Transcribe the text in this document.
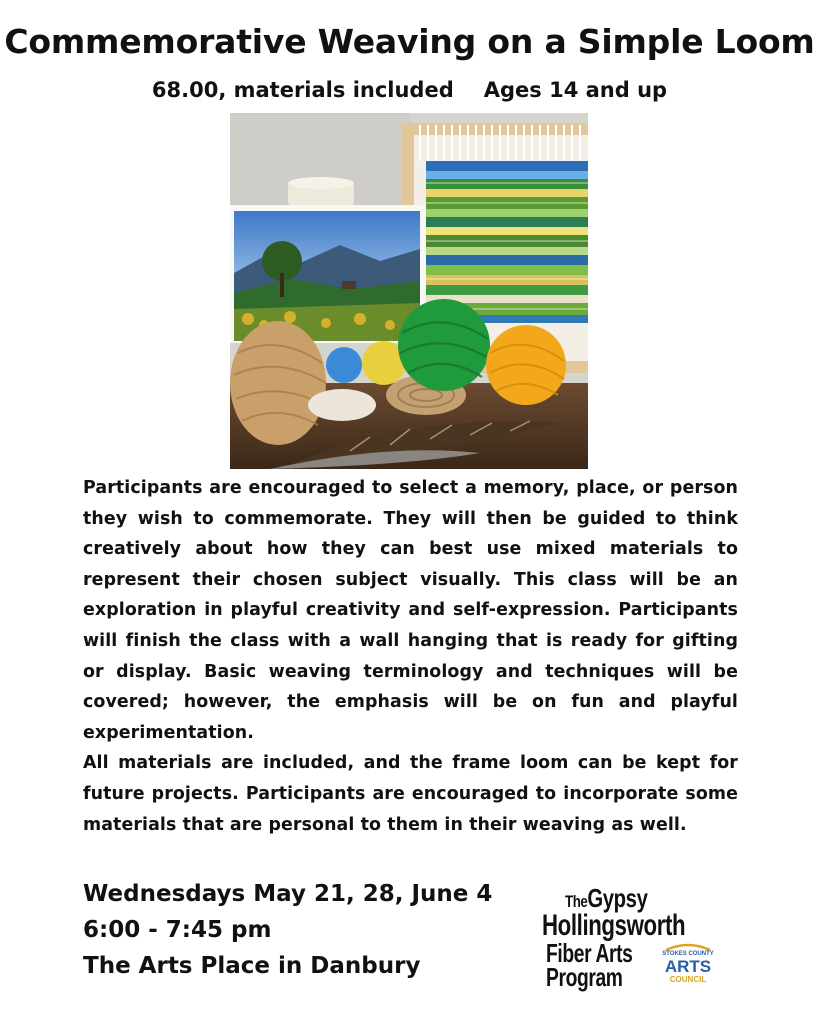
Commemorative Weaving on a Simple Loom
68.00, materials included Ages 14 and up

Participants are encouraged to select a memory, place, or person they wish to commemorate. They will then be guided to think creatively about how they can best use mixed materials to represent their chosen subject visually. This class will be an exploration in playful creativity and self-expression. Participants will finish the class with a wall hanging that is ready for gifting or display. Basic weaving terminology and techniques will be covered; however, the emphasis will be on fun and playful experimentation.

All materials are included, and the frame loom can be kept for future projects. Participants are encouraged to incorporate some materials that are personal to them in their weaving as well.

Wednesdays May 21, 28, June 4
6:00 - 7:45 pm
The Arts Place in Danbury
TheGypsy
Hollingsworth
Fiber Arts
Program
STOKES COUNTY
ARTS
COUNCIL
